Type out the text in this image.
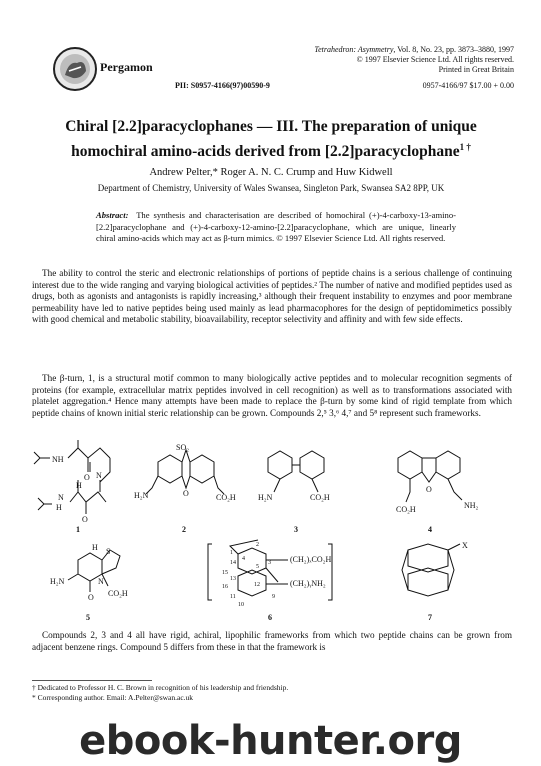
Pergamon
Tetrahedron: Asymmetry, Vol. 8, No. 23, pp. 3873–3880, 1997
© 1997 Elsevier Science Ltd. All rights reserved.
Printed in Great Britain
PII: S0957-4166(97)00590-9	0957-4166/97 $17.00 + 0.00
Chiral [2.2]paracyclophanes — III. The preparation of unique
homochiral amino-acids derived from [2.2]paracyclophane$^{1 \dagger}$
Andrew Pelter,* Roger A. N. C. Crump and Huw Kidwell
Department of Chemistry, University of Wales Swansea, Singleton Park, Swansea SA2 8PP, UK
Abstract: The synthesis and characterisation are described of homochiral (+)-4-carboxy-13-amino-[2.2]paracyclophane and (+)-4-carboxy-12-amino-[2.2]paracyclophane, which are unique, linearly chiral amino-acids which may act as β-turn mimics. © 1997 Elsevier Science Ltd. All rights reserved.
The ability to control the steric and electronic relationships of portions of peptide chains is a serious challenge of continuing interest due to the wide ranging and varying biological activities of peptides.² The number of native and modified peptides used as drugs, both as agonists and antagonists is rapidly increasing,³ although their frequent instability to enzymes and poor membrane permeability have led to native peptides being used mainly as lead pharmacophores for the design of peptidomimetics possibly with good chemical and metabolic stability, bioavailability, receptor selectivity and affinity and with few side effects.
The β-turn, 1, is a structural motif common to many biologically active peptides and to molecular recognition segments of proteins (for example, extracellular matrix peptides involved in cell recognition) as well as to transformations associated with platelet aggregation.⁴ Hence many attempts have been made to replace the β-turn by some kind of rigid template from which peptide chains of known initial steric relationship can be grown. Compounds 2,⁵ 3,⁶ 4,⁷ and 5⁸ represent such frameworks.
NH
O
H
N
N
H
O
1
SO₂
O
H₂N	CO₂H
2
H₂N	CO₂H
3
O
CO₂H	NH₂
4
S
N
H₂N
O CO₂H
H
5
(CH₂)ₓCO₂H
(CH₂)ᵧNH₂
1
2
3
4
5
9
10
11
12
13
14
15
16
6
X
7
Compounds 2, 3 and 4 all have rigid, achiral, lipophilic frameworks from which two peptide chains can be grown from adjacent benzene rings. Compound 5 differs from these in that the framework is
† Dedicated to Professor H. C. Brown in recognition of his leadership and friendship.
* Corresponding author. Email: A.Pelter@swan.ac.uk
ebook-hunter.org
